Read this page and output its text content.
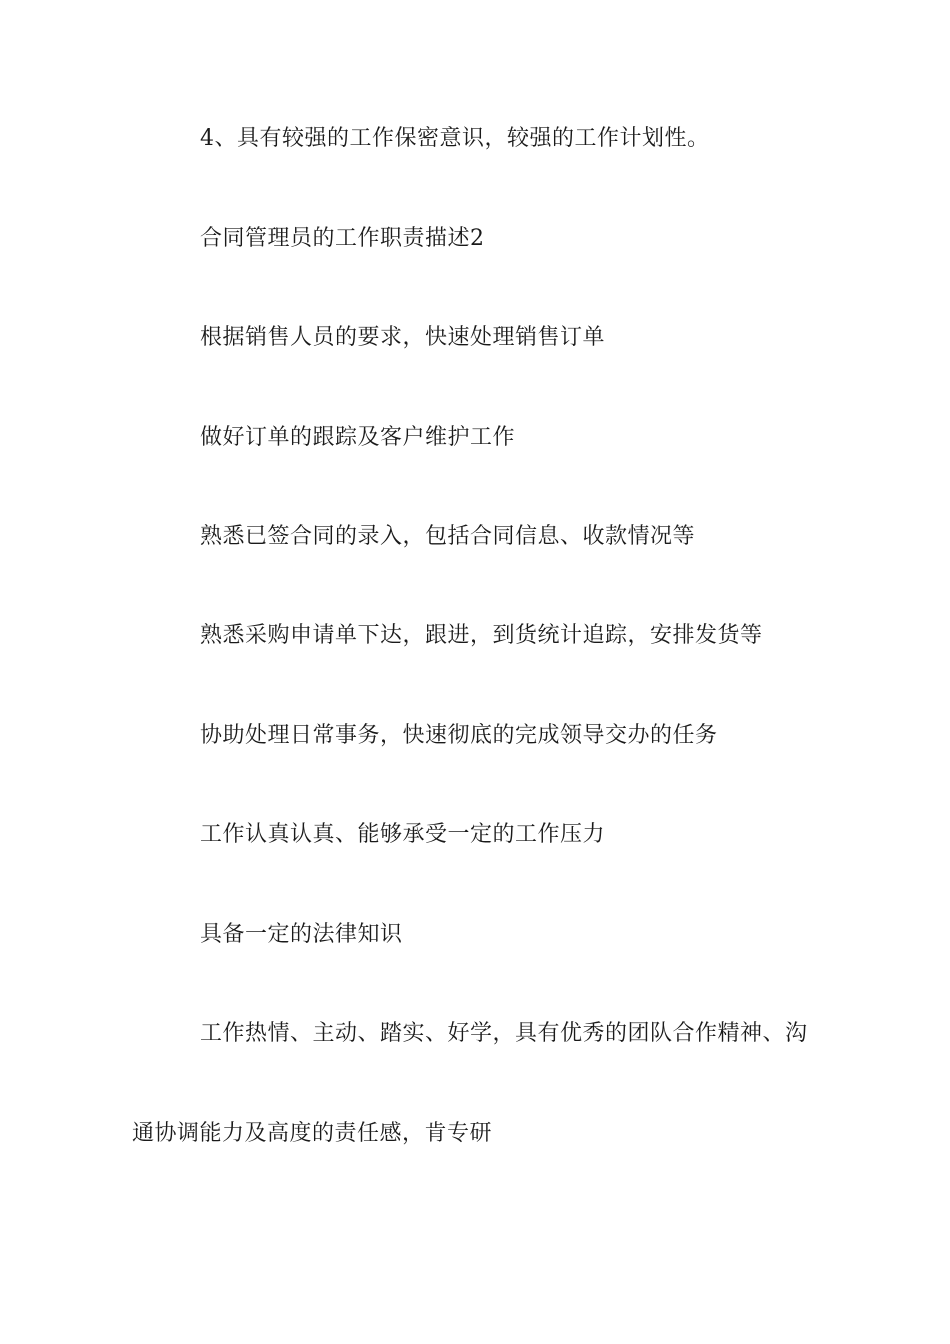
4、具有较强的工作保密意识，较强的工作计划性。
合同管理员的工作职责描述2
根据销售人员的要求，快速处理销售订单
做好订单的跟踪及客户维护工作
熟悉已签合同的录入，包括合同信息、收款情况等
熟悉采购申请单下达，跟进，到货统计追踪，安排发货等
协助处理日常事务，快速彻底的完成领导交办的任务
工作认真认真、能够承受一定的工作压力
具备一定的法律知识
工作热情、主动、踏实、好学，具有优秀的团队合作精神、沟
通协调能力及高度的责任感，肯专研
